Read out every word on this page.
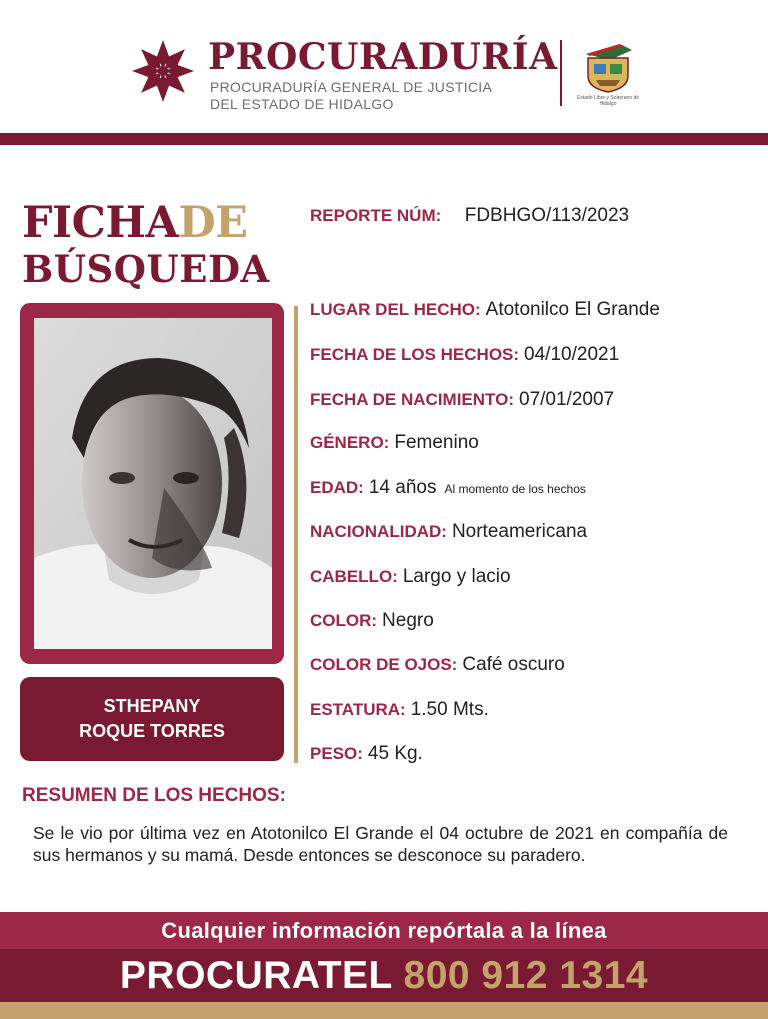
PROCURADURÍA
PROCURADURÍA GENERAL DE JUSTICIA
DEL ESTADO DE HIDALGO	Estado Libre y Soberano de Hidalgo
FICHADE
BÚSQUEDA
STHEPANY
ROQUE TORRES
REPORTE NÚM: FDBHGO/113/2023
LUGAR DEL HECHO: Atotonilco El Grande
FECHA DE LOS HECHOS: 04/10/2021
FECHA DE NACIMIENTO: 07/01/2007
GÉNERO: Femenino
EDAD: 14 años Al momento de los hechos
NACIONALIDAD: Norteamericana
CABELLO: Largo y lacio
COLOR: Negro
COLOR DE OJOS: Café oscuro
ESTATURA: 1.50 Mts.
PESO: 45 Kg.
RESUMEN DE LOS HECHOS:
Se le vio por última vez en Atotonilco El Grande el 04 octubre de 2021 en compañía de sus hermanos y su mamá. Desde entonces se desconoce su paradero.
Cualquier información repórtala a la línea
PROCURATEL 800 912 1314
